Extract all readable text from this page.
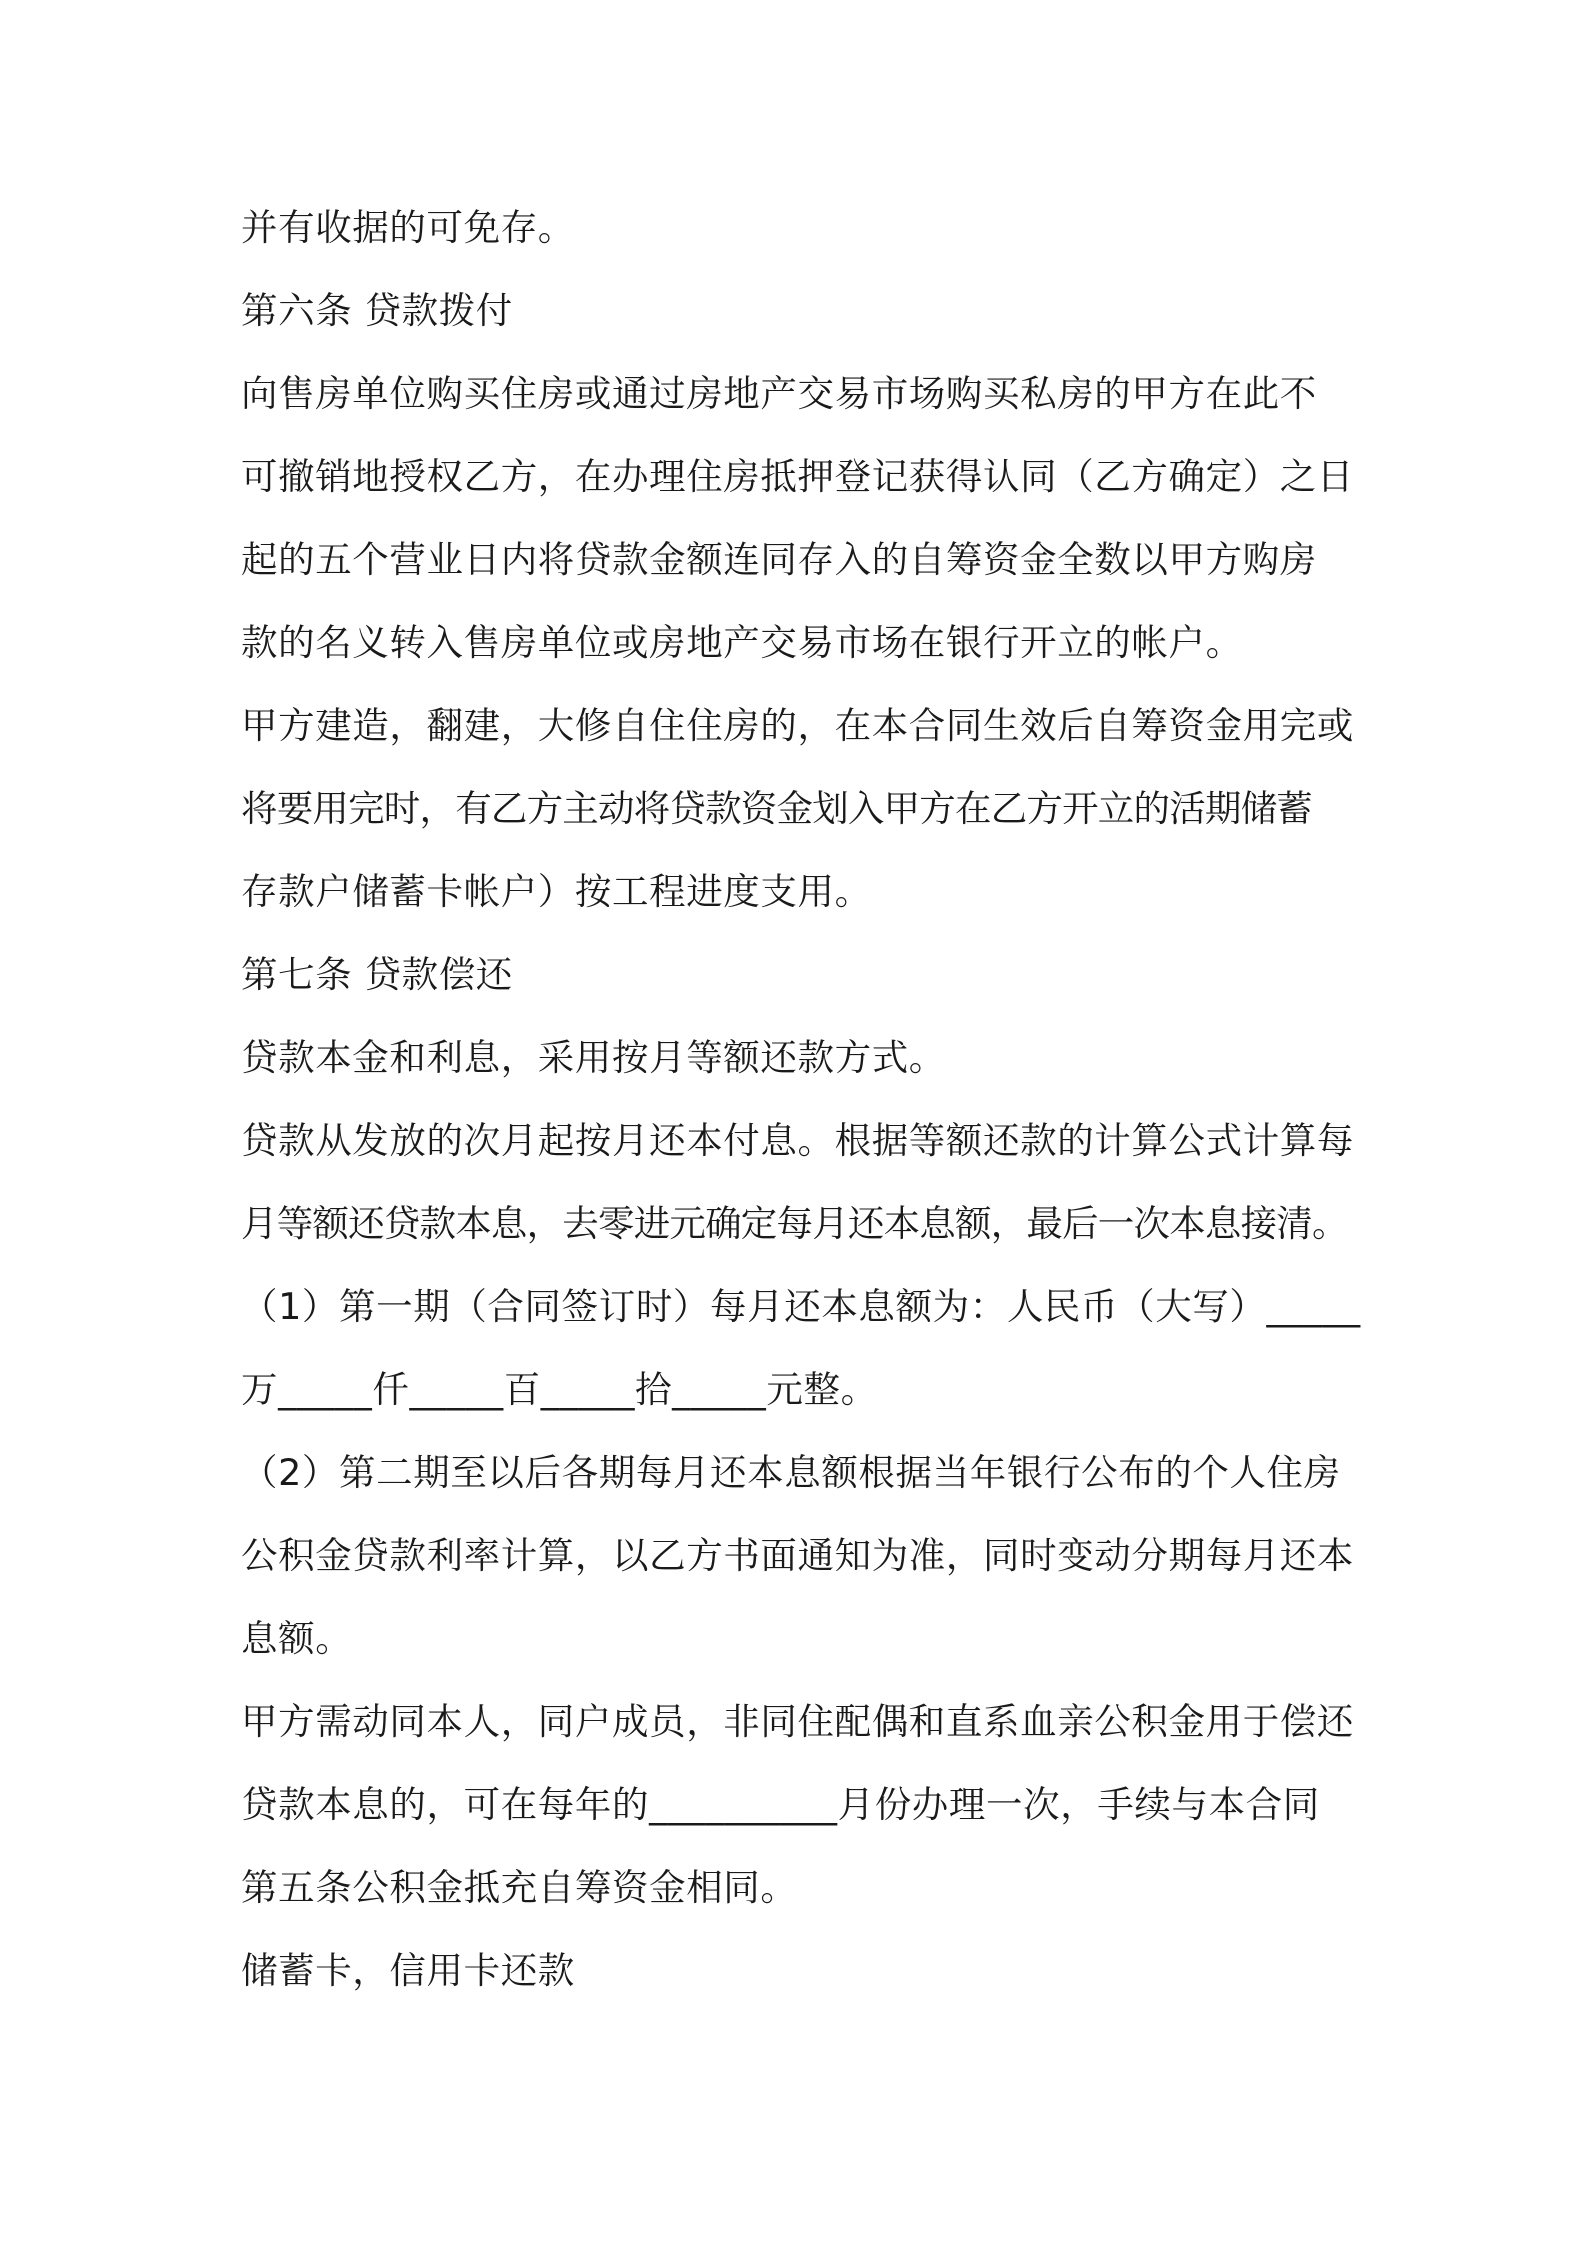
并有收据的可免存。
第六条 贷款拨付
向售房单位购买住房或通过房地产交易市场购买私房的甲方在此不
可撤销地授权乙方，在办理住房抵押登记获得认同（乙方确定）之日
起的五个营业日内将贷款金额连同存入的自筹资金全数以甲方购房
款的名义转入售房单位或房地产交易市场在银行开立的帐户。
甲方建造，翻建，大修自住住房的，在本合同生效后自筹资金用完或
将要用完时，有乙方主动将贷款资金划入甲方在乙方开立的活期储蓄
存款户储蓄卡帐户）按工程进度支用。
第七条 贷款偿还
贷款本金和利息，采用按月等额还款方式。
贷款从发放的次月起按月还本付息。根据等额还款的计算公式计算每
月等额还贷款本息，去零进元确定每月还本息额，最后一次本息接清。
（1）第一期（合同签订时）每月还本息额为：人民币（大写）_____
万_____仟_____百_____拾_____元整。
（2）第二期至以后各期每月还本息额根据当年银行公布的个人住房
公积金贷款利率计算，以乙方书面通知为准，同时变动分期每月还本
息额。
甲方需动同本人，同户成员，非同住配偶和直系血亲公积金用于偿还
贷款本息的，可在每年的__________月份办理一次，手续与本合同
第五条公积金抵充自筹资金相同。
储蓄卡，信用卡还款
